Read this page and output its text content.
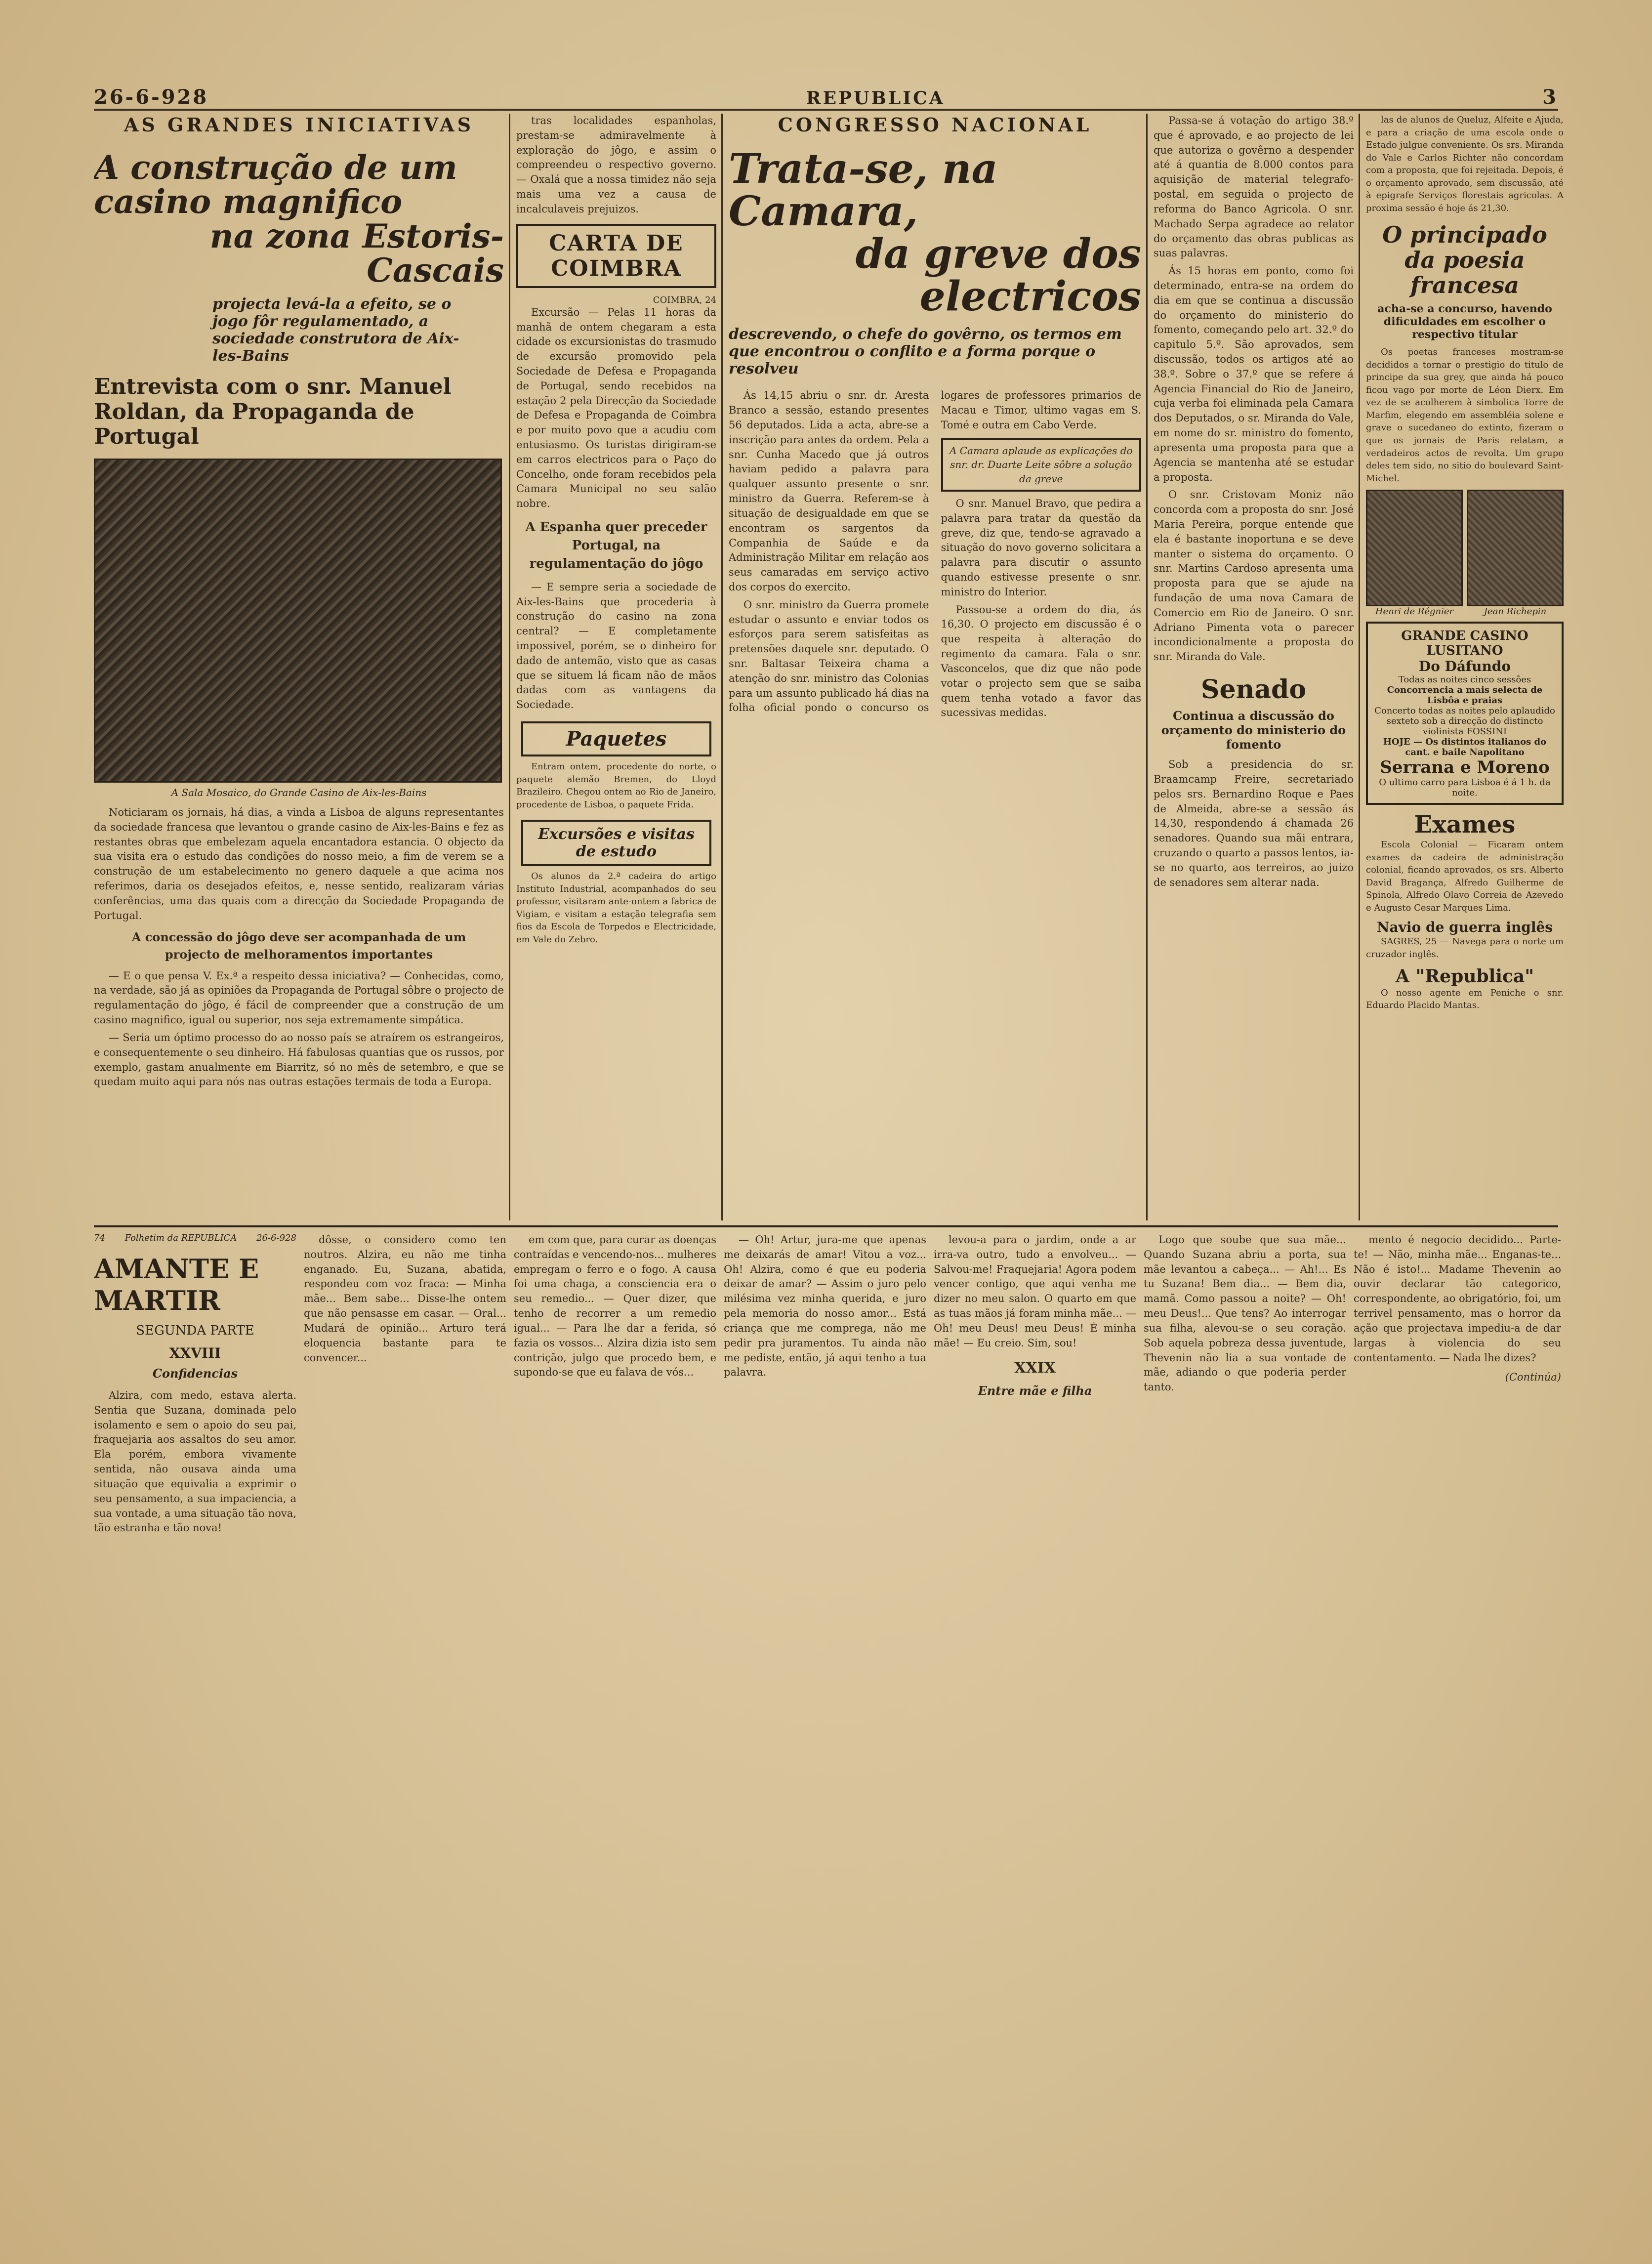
26-6-928	REPUBLICA	3
AS GRANDES INICIATIVAS
A construção de um casino magnifico
na zona Estoris-Cascais
projecta levá-la a efeito, se o jogo fôr regulamentado, a sociedade construtora de Aix-les-Bains
Entrevista com o snr. Manuel Roldan, da Propaganda de Portugal
A Sala Mosaico, do Grande Casino de Aix-les-Bains

Noticiaram os jornais, há dias, a vinda a Lisboa de alguns representantes da sociedade francesa que levantou o grande casino de Aix-les-Bains e fez as restantes obras que embelezam aquela encantadora estancia. O objecto da sua visita era o estudo das condições do nosso meio, a fim de verem se a construção de um estabelecimento no genero daquele a que acima nos referimos, daria os desejados efeitos, e, nesse sentido, realizaram várias conferências, uma das quais com a direcção da Sociedade Propaganda de Portugal.

A concessão do jôgo deve ser acompanhada de um projecto de melhoramentos importantes

— E o que pensa V. Ex.ª a respeito dessa iniciativa? — Conhecidas, como, na verdade, são já as opiniões da Propaganda de Portugal sôbre o projecto de regulamentação do jôgo, é fácil de compreender que a construção de um casino magnifico, igual ou superior, nos seja extremamente simpática.

— Seria um óptimo processo do ao nosso país se atraírem os estrangeiros, e consequentemente o seu dinheiro. Há fabulosas quantias que os russos, por exemplo, gastam anualmente em Biarritz, só no mês de setembro, e que se quedam muito aqui para nós nas outras estações termais de toda a Europa.

tras localidades espanholas, prestam-se admiravelmente à exploração do jôgo, e assim o compreendeu o respectivo governo. — Oxalá que a nossa timidez não seja mais uma vez a causa de incalculaveis prejuizos.

CARTA DE COIMBRA
COIMBRA, 24

Excursão — Pelas 11 horas da manhã de ontem chegaram a esta cidade os excursionistas do trasmudo de excursão promovido pela Sociedade de Defesa e Propaganda de Portugal, sendo recebidos na estação 2 pela Direcção da Sociedade de Defesa e Propaganda de Coimbra e por muito povo que a acudiu com entusiasmo. Os turistas dirigiram-se em carros electricos para o Paço do Concelho, onde foram recebidos pela Camara Municipal no seu salão nobre.

A Espanha quer preceder Portugal, na regulamentação do jôgo

— E sempre seria a sociedade de Aix-les-Bains que procederia à construção do casino na zona central? — E completamente impossivel, porém, se o dinheiro for dado de antemão, visto que as casas que se situem lá ficam não de mãos dadas com as vantagens da Sociedade.

Paquetes

Entram ontem, procedente do norte, o paquete alemão Bremen, do Lloyd Brazileiro. Chegou ontem ao Rio de Janeiro, procedente de Lisboa, o paquete Frida.

Excursões e visitas de estudo

Os alunos da 2.ª cadeira do artigo Instituto Industrial, acompanhados do seu professor, visitaram ante-ontem a fabrica de Vigiam, e visitam a estação telegrafia sem fios da Escola de Torpedos e Electricidade, em Vale do Zebro.

CONGRESSO NACIONAL
Trata-se, na Camara,
da greve dos electricos
descrevendo, o chefe do govêrno, os termos em que encontrou o conflito e a forma porque o resolveu

Ás 14,15 abriu o snr. dr. Aresta Branco a sessão, estando presentes 56 deputados. Lida a acta, abre-se a inscrição para antes da ordem. Pela a snr. Cunha Macedo que já outros haviam pedido a palavra para qualquer assunto presente o snr. ministro da Guerra. Referem-se à situação de desigualdade em que se encontram os sargentos da Companhia de Saúde e da Administração Militar em relação aos seus camaradas em serviço activo dos corpos do exercito.

O snr. ministro da Guerra promete estudar o assunto e enviar todos os esforços para serem satisfeitas as pretensões daquele snr. deputado. O snr. Baltasar Teixeira chama a atenção do snr. ministro das Colonias para um assunto publicado há dias na folha oficial pondo o concurso os logares de professores primarios de Macau e Timor, ultimo vagas em S. Tomé e outra em Cabo Verde.

A Camara aplaude as explicações do snr. dr. Duarte Leite sôbre a solução da greve

O snr. Manuel Bravo, que pedira a palavra para tratar da questão da greve, diz que, tendo-se agravado a situação do novo governo solicitara a palavra para discutir o assunto quando estivesse presente o snr. ministro do Interior.

Passou-se a ordem do dia, ás 16,30. O projecto em discussão é o que respeita à alteração do regimento da camara. Fala o snr. Vasconcelos, que diz que não pode votar o projecto sem que se saiba quem tenha votado a favor das sucessivas medidas.

Passa-se á votação do artigo 38.º que é aprovado, e ao projecto de lei que autoriza o govêrno a despender até á quantia de 8.000 contos para aquisição de material telegrafo-postal, em seguida o projecto de reforma do Banco Agricola. O snr. Machado Serpa agradece ao relator do orçamento das obras publicas as suas palavras.

Ás 15 horas em ponto, como foi determinado, entra-se na ordem do dia em que se continua a discussão do orçamento do ministerio do fomento, começando pelo art. 32.º do capitulo 5.º. São aprovados, sem discussão, todos os artigos até ao 38.º. Sobre o 37.º que se refere á Agencia Financial do Rio de Janeiro, cuja verba foi eliminada pela Camara dos Deputados, o sr. Miranda do Vale, em nome do sr. ministro do fomento, apresenta uma proposta para que a Agencia se mantenha até se estudar a proposta.

O snr. Cristovam Moniz não concorda com a proposta do snr. José Maria Pereira, porque entende que ela é bastante inoportuna e se deve manter o sistema do orçamento. O snr. Martins Cardoso apresenta uma proposta para que se ajude na fundação de uma nova Camara de Comercio em Rio de Janeiro. O snr. Adriano Pimenta vota o parecer incondicionalmente a proposta do snr. Miranda do Vale.

Senado
Continua a discussão do orçamento do ministerio do fomento

Sob a presidencia do sr. Braamcamp Freire, secretariado pelos srs. Bernardino Roque e Paes de Almeida, abre-se a sessão ás 14,30, respondendo á chamada 26 senadores. Quando sua mãi entrara, cruzando o quarto a passos lentos, ia-se no quarto, aos terreiros, ao juizo de senadores sem alterar nada.

las de alunos de Queluz, Alfeite e Ajuda, e para a criação de uma escola onde o Estado julgue conveniente. Os srs. Miranda do Vale e Carlos Richter não concordam com a proposta, que foi rejeitada. Depois, é o orçamento aprovado, sem discussão, até à epigrafe Serviços florestais agricolas. A proxima sessão é hoje ás 21,30.

O principado da poesia francesa
acha-se a concurso, havendo dificuldades em escolher o respectivo titular

Os poetas franceses mostram-se decididos a tornar o prestigio do titulo de principe da sua grey, que ainda há pouco ficou vago por morte de Léon Dierx. Em vez de se acolherem à simbolica Torre de Marfim, elegendo em assembléia solene e grave o sucedaneo do extinto, fizeram o que os jornais de Paris relatam, a verdadeiros actos de revolta. Um grupo deles tem sido, no sitio do boulevard Saint-Michel.

Henri de Régnier	Jean Richepin
GRANDE CASINO LUSITANO
Do Dáfundo
Todas as noites cinco sessões
Concorrencia a mais selecta de Lisbôa e praias
Concerto todas as noites pelo aplaudido sexteto sob a direcção do distincto violinista FOSSINI
HOJE — Os distintos italianos do cant. e baile Napolitano
Serrana e Moreno
O ultimo carro para Lisboa é á 1 h. da noite.
Exames

Escola Colonial — Ficaram ontem exames da cadeira de administração colonial, ficando aprovados, os srs. Alberto David Bragança, Alfredo Guilherme de Spinola, Alfredo Olavo Correia de Azevedo e Augusto Cesar Marques Lima.

Navio de guerra inglês

SAGRES, 25 — Navega para o norte um cruzador inglês.

A "Republica"

O nosso agente em Peniche o snr. Eduardo Placido Mantas.

74 Folhetim da REPUBLICA 26-6-928
AMANTE E MARTIR
SEGUNDA PARTE
XXVIII
Confidencias

Alzira, com medo, estava alerta. Sentia que Suzana, dominada pelo isolamento e sem o apoio do seu pai, fraquejaria aos assaltos do seu amor. Ela porém, embora vivamente sentida, não ousava ainda uma situação que equivalia a exprimir o seu pensamento, a sua impaciencia, a sua vontade, a uma situação tão nova, tão estranha e tão nova!

dôsse, o considero como ten noutros. Alzira, eu não me tinha enganado. Eu, Suzana, abatida, respondeu com voz fraca: — Minha mãe... Bem sabe... Disse-lhe ontem que não pensasse em casar. — Oral... Mudará de opinião... Arturo terá eloquencia bastante para te convencer...

em com que, para curar as doenças contraídas e vencendo-nos... mulheres empregam o ferro e o fogo. A causa foi uma chaga, a consciencia era o seu remedio... — Quer dizer, que tenho de recorrer a um remedio igual... — Para lhe dar a ferida, só fazia os vossos... Alzira dizia isto sem contrição, julgo que procedo bem, e supondo-se que eu falava de vós...

— Oh! Artur, jura-me que apenas me deixarás de amar! Vitou a voz... Oh! Alzira, como é que eu poderia deixar de amar? — Assim o juro pelo milésima vez minha querida, e juro pela memoria do nosso amor... Está criança que me comprega, não me pedir pra juramentos. Tu ainda não me pediste, então, já aqui tenho a tua palavra.

levou-a para o jardim, onde a ar irra-va outro, tudo a envolveu... — Salvou-me! Fraquejaria! Agora podem vencer contigo, que aqui venha me dizer no meu salon. O quarto em que as tuas mãos já foram minha mãe... — Oh! meu Deus! meu Deus! É minha mãe! — Eu creio. Sim, sou!

XXIX
Entre mãe e filha

Logo que soube que sua mãe... Quando Suzana abriu a porta, sua mãe levantou a cabeça... — Ah!... Es tu Suzana! Bem dia... — Bem dia, mamã. Como passou a noite? — Oh! meu Deus!... Que tens? Ao interrogar sua filha, alevou-se o seu coração. Sob aquela pobreza dessa juventude, Thevenin não lia a sua vontade de mãe, adiando o que poderia perder tanto.

mento é negocio decidido... Parte-te! — Não, minha mãe... Enganas-te... Não é isto!... Madame Thevenin ao ouvir declarar tão categorico, correspondente, ao obrigatório, foi, um terrivel pensamento, mas o horror da ação que projectava impediu-a de dar largas à violencia do seu contentamento. — Nada lhe dizes?

(Continúa)
